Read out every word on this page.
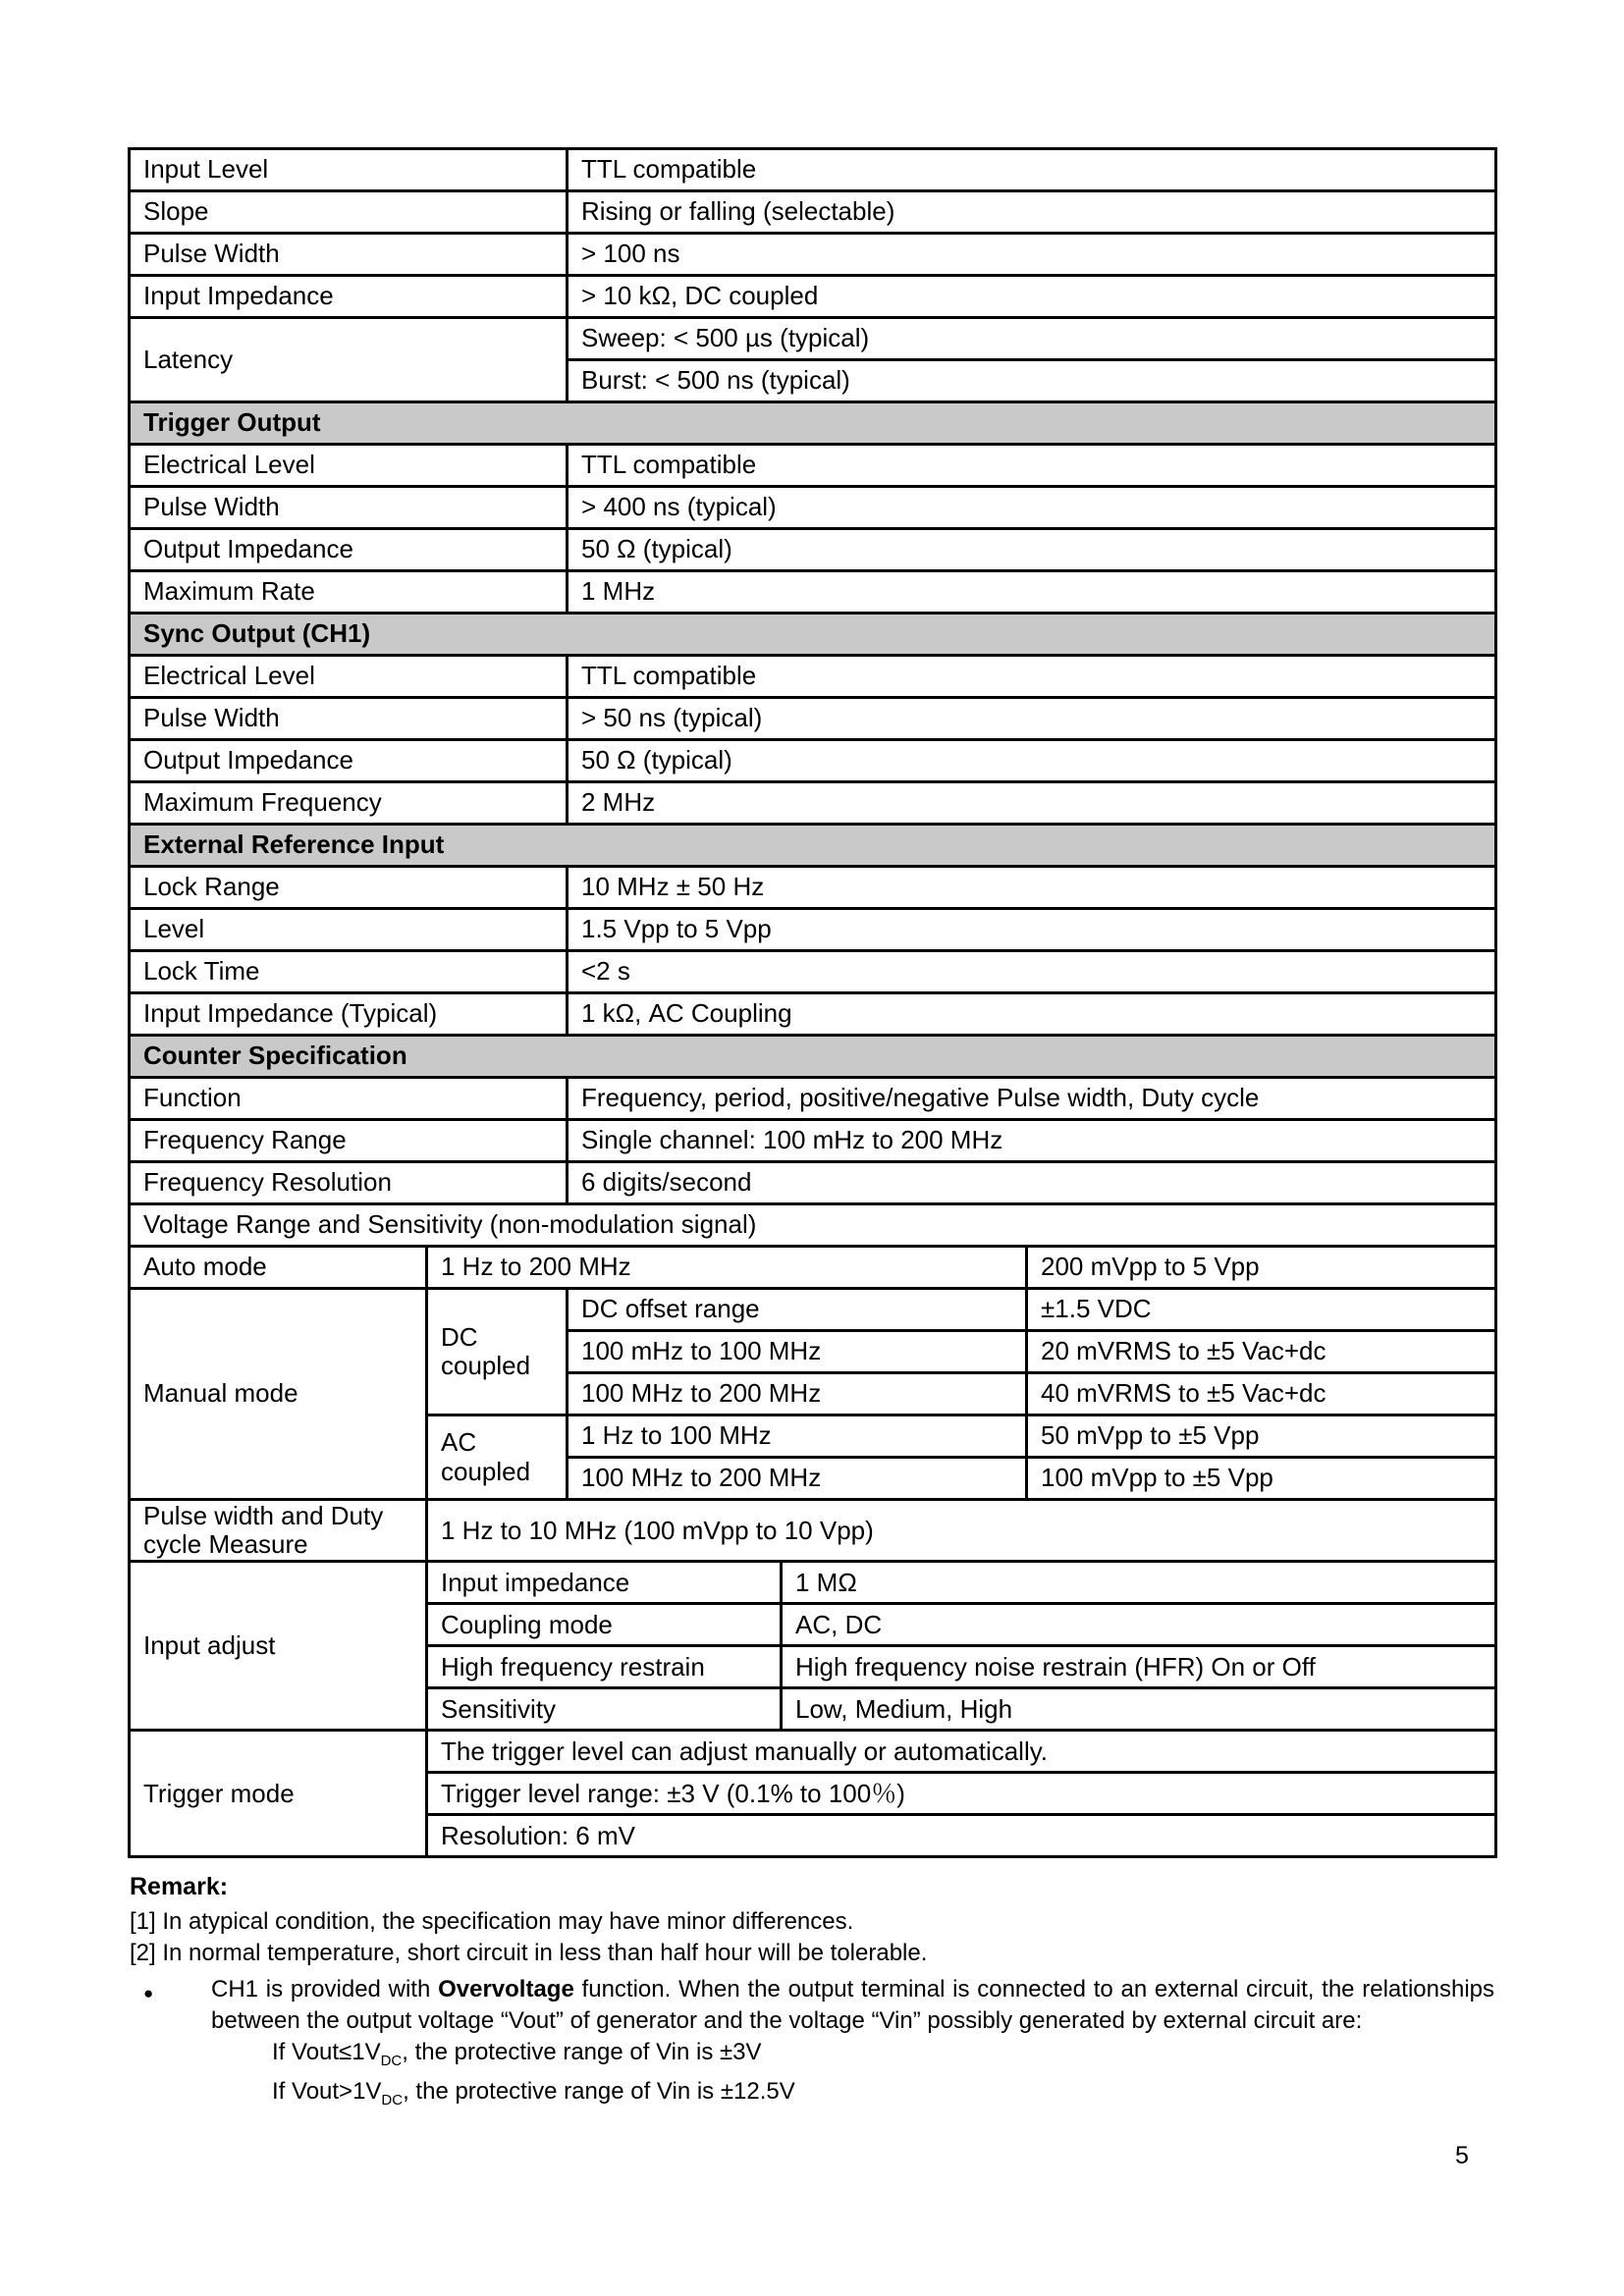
Input Level		TTL compatible		
Slope		Rising or falling (selectable)		
Pulse Width		> 100 ns		
Input Impedance		> 10 kΩ, DC coupled		
Latency		Sweep: < 500 µs (typical)		
		Burst: < 500 ns (typical)		
Trigger Output				
Electrical Level		TTL compatible		
Pulse Width		> 400 ns (typical)		
Output Impedance		50 Ω (typical)		
Maximum Rate		1 MHz		
Sync Output (CH1)				
Electrical Level		TTL compatible		
Pulse Width		> 50 ns (typical)		
Output Impedance		50 Ω (typical)		
Maximum Frequency		2 MHz		
External Reference Input				
Lock Range		10 MHz ± 50 Hz		
Level		1.5 Vpp to 5 Vpp		
Lock Time		<2 s		
Input Impedance (Typical)		1 kΩ, AC Coupling		
Counter Specification				
Function		Frequency, period, positive/negative Pulse width, Duty cycle		
Frequency Range		Single channel: 100 mHz to 200 MHz		
Frequency Resolution		6 digits/second		
Voltage Range and Sensitivity (non-modulation signal)				
Auto mode	1 Hz to 200 MHz			200 mVpp to 5 Vpp
Manual mode	DC coupled	DC offset range		±1.5 VDC
		100 mHz to 100 MHz		20 mVRMS to ±5 Vac+dc
		100 MHz to 200 MHz		40 mVRMS to ±5 Vac+dc
	AC coupled	1 Hz to 100 MHz		50 mVpp to ±5 Vpp
		100 MHz to 200 MHz		100 mVpp to ±5 Vpp
Pulse width and Duty cycle Measure	1 Hz to 10 MHz (100 mVpp to 10 Vpp)			
Input adjust	Input impedance		1 MΩ	
	Coupling mode		AC, DC	
	High frequency restrain		High frequency noise restrain (HFR) On or Off	
	Sensitivity		Low, Medium, High	
Trigger mode	The trigger level can adjust manually or automatically.			
	Trigger level range: ±3 V (0.1% to 100％)			
	Resolution: 6 mV			
Remark:
[1] In atypical condition, the specification may have minor differences.
[2] In normal temperature, short circuit in less than half hour will be tolerable.
● CH1 is provided with Overvoltage function. When the output terminal is connected to an external circuit, the relationships between the output voltage “Vout” of generator and the voltage “Vin” possibly generated by external circuit are:
If $Vout\le 1V_{DC}$, the protective range of Vin is ±3V
If $Vout>1V_{DC}$, the protective range of Vin is ±12.5V
5
